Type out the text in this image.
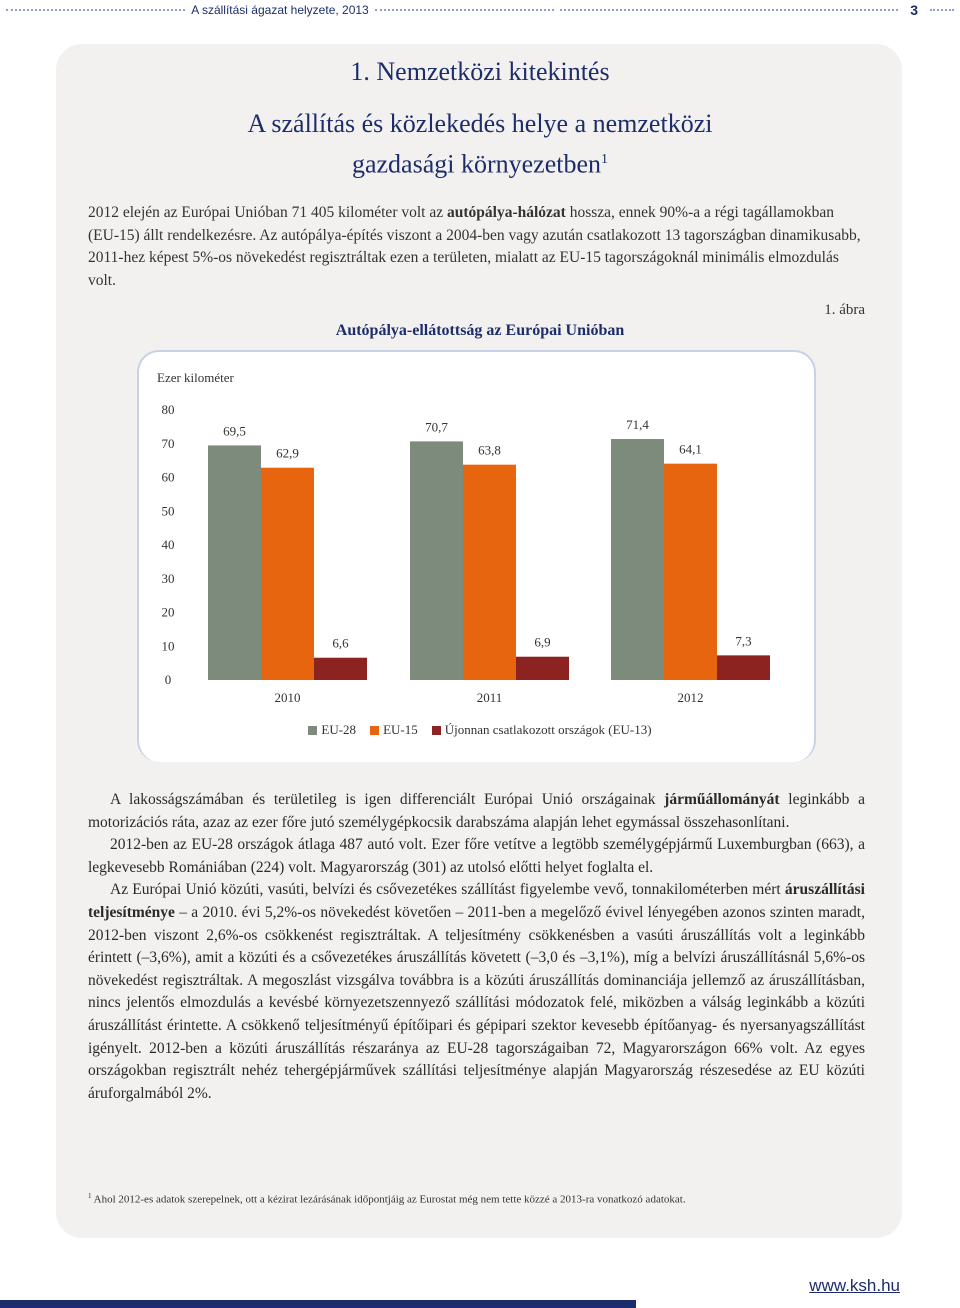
A szállítási ágazat helyzete, 2013	3
1. Nemzetközi kitekintés
A szállítás és közlekedés helye a nemzetközi
gazdasági környezetben$^1$
2012 elején az Európai Unióban 71 405 kilométer volt az autópálya-hálózat hossza, ennek 90%-a a régi tagállamokban (EU-15) állt rendelkezésre. Az autópálya-építés viszont a 2004-ben vagy azután csatlakozott 13 tagországban dinamikusabb, 2011-hez képest 5%-os növekedést regisztráltak ezen a területen, mialatt az EU-15 tagországoknál minimális elmozdulás volt.
1. ábra
Autópálya-ellátottság az Európai Unióban
Ezer kilométer
0
10
20
30
40
50
60
70
80
69,5
62,9
6,6
2010
70,7
63,8
6,9
2011
71,4
64,1
7,3
2012
EU-28 EU-15 Újonnan csatlakozott országok (EU-13)

A lakosságszámában és területileg is igen differenciált Európai Unió országainak járműállományát leginkább a motorizációs ráta, azaz az ezer főre jutó személygépkocsik darabszáma alapján lehet egymással összehasonlítani.

2012-ben az EU-28 országok átlaga 487 autó volt. Ezer főre vetítve a legtöbb személygépjármű Luxemburgban (663), a legkevesebb Romániában (224) volt. Magyarország (301) az utolsó előtti helyet foglalta el.

Az Európai Unió közúti, vasúti, belvízi és csővezetékes szállítást figyelembe vevő, tonnakilométerben mért áruszállítási teljesítménye – a 2010. évi 5,2%-os növekedést követően – 2011-ben a megelőző évivel lényegében azonos szinten maradt, 2012-ben viszont 2,6%-os csökkenést regisztráltak. A teljesítmény csökkenésben a vasúti áruszállítás volt a leginkább érintett (–3,6%), amit a közúti és a csővezetékes áruszállítás követett (–3,0 és –3,1%), míg a belvízi áruszállításnál 5,6%-os növekedést regisztráltak. A megoszlást vizsgálva továbbra is a közúti áruszállítás dominanciája jellemző az áruszállításban, nincs jelentős elmozdulás a kevésbé környezetszennyező szállítási módozatok felé, miközben a válság leginkább a közúti áruszállítást érintette. A csökkenő teljesítményű építőipari és gépipari szektor kevesebb építőanyag- és nyersanyagszállítást igényelt. 2012-ben a közúti áruszállítás részaránya az EU-28 tagországaiban 72, Magyarországon 66% volt. Az egyes országokban regisztrált nehéz tehergépjárművek szállítási teljesítménye alapján Magyarország részesedése az EU közúti áruforgalmából 2%.

$^1$ Ahol 2012-es adatok szerepelnek, ott a kézirat lezárásának időpontjáig az Eurostat még nem tette közzé a 2013-ra vonatkozó adatokat.
www.ksh.hu
